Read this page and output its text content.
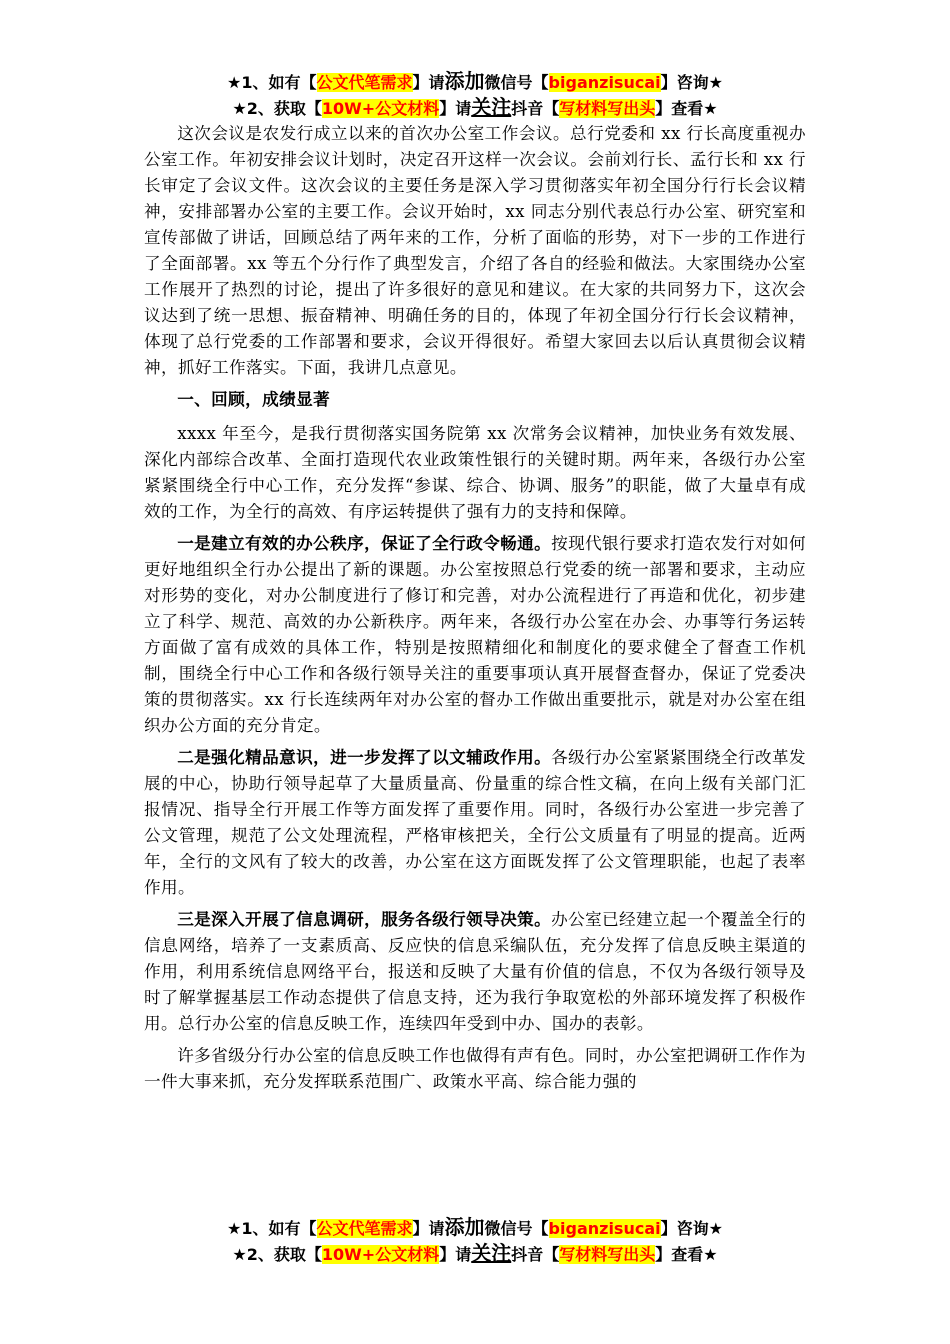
★1、如有【公文代笔需求】请添加微信号【biganzisucai】咨询★
★2、获取【10W+公文材料】请关注抖音【写材料写出头】查看★

这次会议是农发行成立以来的首次办公室工作会议。总行党委和 xx 行长高度重视办公室工作。年初安排会议计划时，决定召开这样一次会议。会前刘行长、孟行长和 xx 行长审定了会议文件。这次会议的主要任务是深入学习贯彻落实年初全国分行行长会议精神，安排部署办公室的主要工作。会议开始时，xx 同志分别代表总行办公室、研究室和宣传部做了讲话，回顾总结了两年来的工作，分析了面临的形势，对下一步的工作进行了全面部署。xx 等五个分行作了典型发言，介绍了各自的经验和做法。大家围绕办公室工作展开了热烈的讨论，提出了许多很好的意见和建议。在大家的共同努力下，这次会议达到了统一思想、振奋精神、明确任务的目的，体现了年初全国分行行长会议精神，体现了总行党委的工作部署和要求，会议开得很好。希望大家回去以后认真贯彻会议精神，抓好工作落实。下面，我讲几点意见。

一、回顾，成绩显著

xxxx 年至今，是我行贯彻落实国务院第 xx 次常务会议精神，加快业务有效发展、深化内部综合改革、全面打造现代农业政策性银行的关键时期。两年来，各级行办公室紧紧围绕全行中心工作，充分发挥“参谋、综合、协调、服务”的职能，做了大量卓有成效的工作，为全行的高效、有序运转提供了强有力的支持和保障。

一是建立有效的办公秩序，保证了全行政令畅通。按现代银行要求打造农发行对如何更好地组织全行办公提出了新的课题。办公室按照总行党委的统一部署和要求，主动应对形势的变化，对办公制度进行了修订和完善，对办公流程进行了再造和优化，初步建立了科学、规范、高效的办公新秩序。两年来，各级行办公室在办会、办事等行务运转方面做了富有成效的具体工作，特别是按照精细化和制度化的要求健全了督查工作机制，围绕全行中心工作和各级行领导关注的重要事项认真开展督查督办，保证了党委决策的贯彻落实。xx 行长连续两年对办公室的督办工作做出重要批示，就是对办公室在组织办公方面的充分肯定。

二是强化精品意识，进一步发挥了以文辅政作用。各级行办公室紧紧围绕全行改革发展的中心，协助行领导起草了大量质量高、份量重的综合性文稿，在向上级有关部门汇报情况、指导全行开展工作等方面发挥了重要作用。同时，各级行办公室进一步完善了公文管理，规范了公文处理流程，严格审核把关，全行公文质量有了明显的提高。近两年，全行的文风有了较大的改善，办公室在这方面既发挥了公文管理职能，也起了表率作用。

三是深入开展了信息调研，服务各级行领导决策。办公室已经建立起一个覆盖全行的信息网络，培养了一支素质高、反应快的信息采编队伍，充分发挥了信息反映主渠道的作用，利用系统信息网络平台，报送和反映了大量有价值的信息，不仅为各级行领导及时了解掌握基层工作动态提供了信息支持，还为我行争取宽松的外部环境发挥了积极作用。总行办公室的信息反映工作，连续四年受到中办、国办的表彰。

许多省级分行办公室的信息反映工作也做得有声有色。同时，办公室把调研工作作为一件大事来抓，充分发挥联系范围广、政策水平高、综合能力强的

★1、如有【公文代笔需求】请添加微信号【biganzisucai】咨询★
★2、获取【10W+公文材料】请关注抖音【写材料写出头】查看★
